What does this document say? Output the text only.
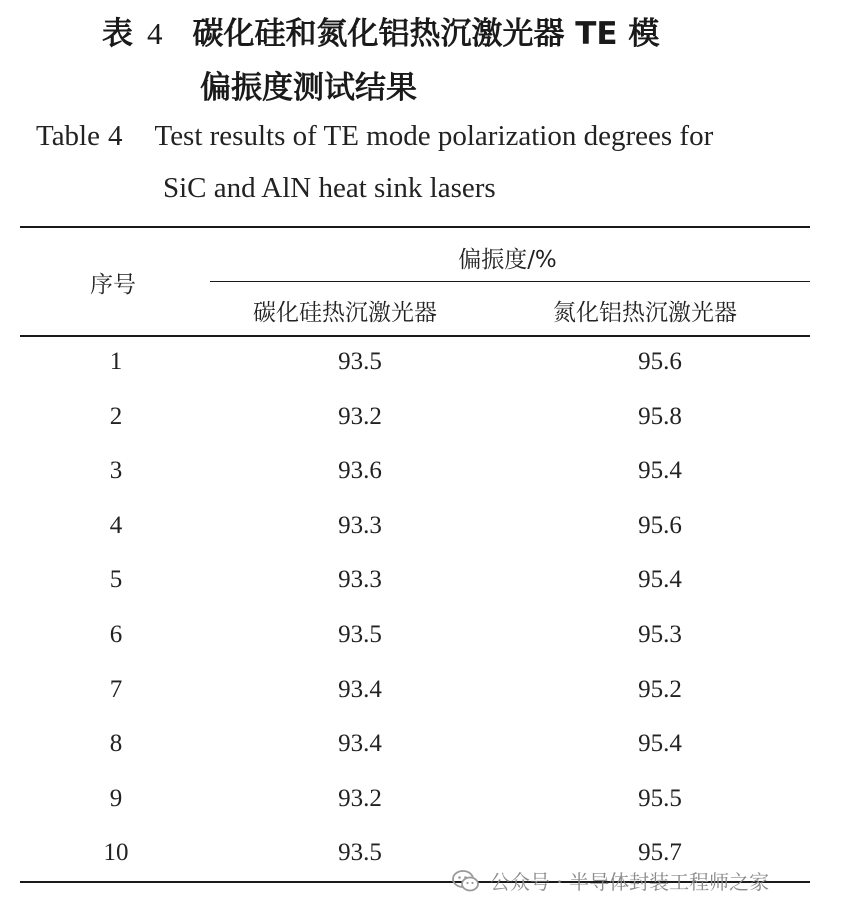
表 4 碳化硅和氮化铝热沉激光器 TE 模
偏振度测试结果
Table 4 Test results of TE mode polarization degrees for
SiC and AlN heat sink lasers
序号
偏振度/%
碳化硅热沉激光器	氮化铝热沉激光器
1	93.5	95.6
2	93.2	95.8
3	93.6	95.4
4	93.3	95.6
5	93.3	95.4
6	93.5	95.3
7	93.4	95.2
8	93.4	95.4
9	93.2	95.5
10	93.5	95.7
公众号 · 半导体封装工程师之家
